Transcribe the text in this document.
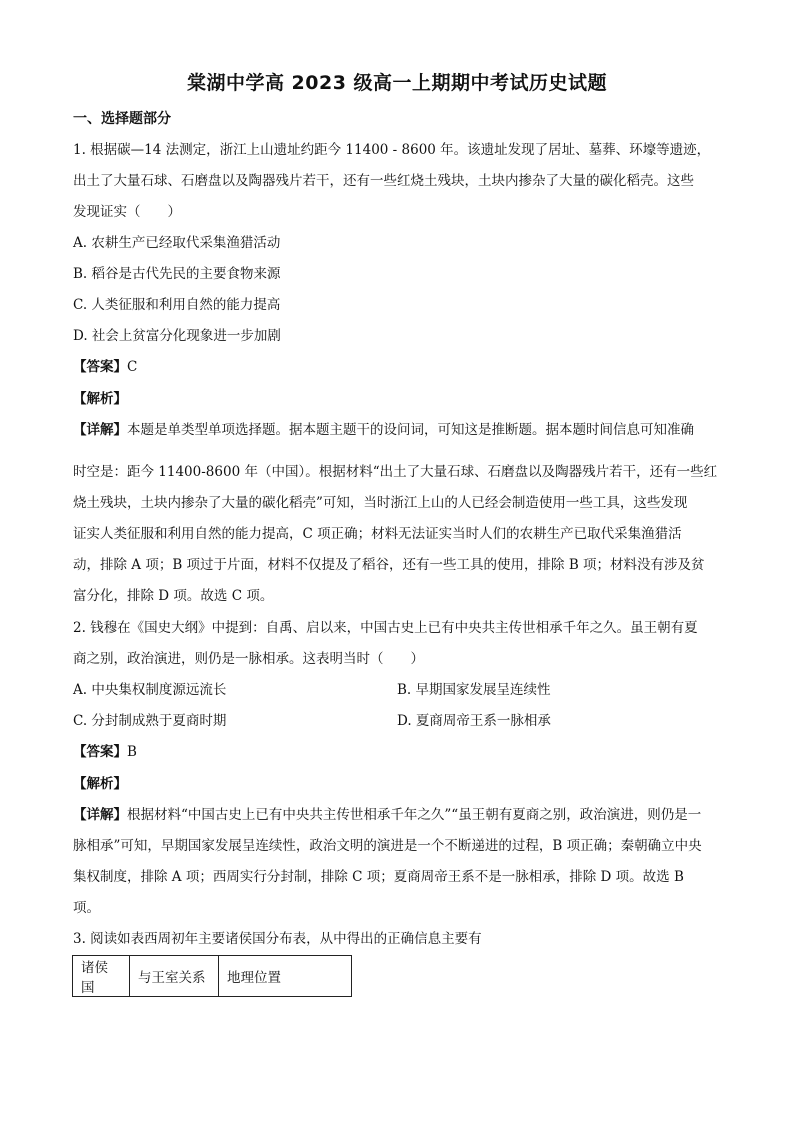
棠湖中学高 2023 级高一上期期中考试历史试题
一、选择题部分
1. 根据碳—14 法测定，浙江上山遗址约距今 11400 - 8600 年。该遗址发现了居址、墓葬、环壕等遗迹，
出土了大量石球、石磨盘以及陶器残片若干，还有一些红烧土残块，土块内掺杂了大量的碳化稻壳。这些
发现证实（　　）
A. 农耕生产已经取代采集渔猎活动
B. 稻谷是古代先民的主要食物来源
C. 人类征服和利用自然的能力提高
D. 社会上贫富分化现象进一步加剧
【答案】C
【解析】
【详解】本题是单类型单项选择题。据本题主题干的设问词，可知这是推断题。据本题时间信息可知准确
时空是：距今 11400-8600 年（中国）。根据材料“出土了大量石球、石磨盘以及陶器残片若干，还有一些红
烧土残块，土块内掺杂了大量的碳化稻壳”可知，当时浙江上山的人已经会制造使用一些工具，这些发现
证实人类征服和利用自然的能力提高，C 项正确；材料无法证实当时人们的农耕生产已取代采集渔猎活
动，排除 A 项；B 项过于片面，材料不仅提及了稻谷，还有一些工具的使用，排除 B 项；材料没有涉及贫
富分化，排除 D 项。故选 C 项。
2. 钱穆在《国史大纲》中提到：自禹、启以来，中国古史上已有中央共主传世相承千年之久。虽王朝有夏
商之别，政治演进，则仍是一脉相承。这表明当时（　　）
A. 中央集权制度源远流长	B. 早期国家发展呈连续性
C. 分封制成熟于夏商时期	D. 夏商周帝王系一脉相承
【答案】B
【解析】
【详解】根据材料“中国古史上已有中央共主传世相承千年之久”“虽王朝有夏商之别，政治演进，则仍是一
脉相承”可知，早期国家发展呈连续性，政治文明的演进是一个不断递进的过程，B 项正确；秦朝确立中央
集权制度，排除 A 项；西周实行分封制，排除 C 项；夏商周帝王系不是一脉相承，排除 D 项。故选 B
项。
3. 阅读如表西周初年主要诸侯国分布表，从中得出的正确信息主要有
诸侯国	与王室关系	地理位置
